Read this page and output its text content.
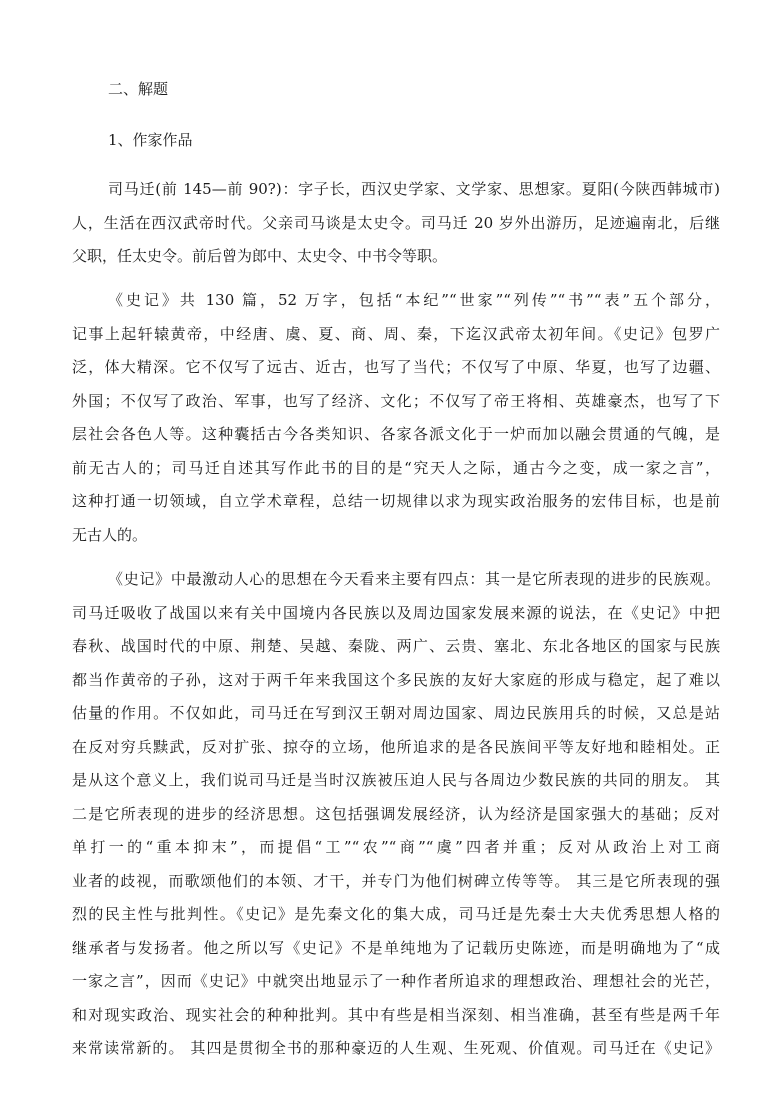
二、解题
1、作家作品
司马迁(前 145—前 90?)：字子长，西汉史学家、文学家、思想家。夏阳(今陕西韩城市)
人，生活在西汉武帝时代。父亲司马谈是太史令。司马迁 20 岁外出游历，足迹遍南北，后继
父职，任太史令。前后曾为郎中、太史令、中书令等职。
《史记》共 130 篇，52 万字，包括“本纪”“世家”“列传”“书”“表”五个部分，
记事上起轩辕黄帝，中经唐、虞、夏、商、周、秦，下迄汉武帝太初年间。《史记》包罗广
泛，体大精深。它不仅写了远古、近古，也写了当代；不仅写了中原、华夏，也写了边疆、
外国；不仅写了政治、军事，也写了经济、文化；不仅写了帝王将相、英雄豪杰，也写了下
层社会各色人等。这种囊括古今各类知识、各家各派文化于一炉而加以融会贯通的气魄，是
前无古人的；司马迁自述其写作此书的目的是“究天人之际，通古今之变，成一家之言”，
这种打通一切领域，自立学术章程，总结一切规律以求为现实政治服务的宏伟目标，也是前
无古人的。
《史记》中最激动人心的思想在今天看来主要有四点：其一是它所表现的进步的民族观。
司马迁吸收了战国以来有关中国境内各民族以及周边国家发展来源的说法，在《史记》中把
春秋、战国时代的中原、荆楚、吴越、秦陇、两广、云贵、塞北、东北各地区的国家与民族
都当作黄帝的子孙，这对于两千年来我国这个多民族的友好大家庭的形成与稳定，起了难以
估量的作用。不仅如此，司马迁在写到汉王朝对周边国家、周边民族用兵的时候，又总是站
在反对穷兵黩武，反对扩张、掠夺的立场，他所追求的是各民族间平等友好地和睦相处。正
是从这个意义上，我们说司马迁是当时汉族被压迫人民与各周边少数民族的共同的朋友。 其
二是它所表现的进步的经济思想。这包括强调发展经济，认为经济是国家强大的基础；反对
单打一的“重本抑末”，而提倡“工”“农”“商”“虞”四者并重；反对从政治上对工商
业者的歧视，而歌颂他们的本领、才干，并专门为他们树碑立传等等。 其三是它所表现的强
烈的民主性与批判性。《史记》是先秦文化的集大成，司马迁是先秦士大夫优秀思想人格的
继承者与发扬者。他之所以写《史记》不是单纯地为了记载历史陈迹，而是明确地为了“成
一家之言”，因而《史记》中就突出地显示了一种作者所追求的理想政治、理想社会的光芒，
和对现实政治、现实社会的种种批判。其中有些是相当深刻、相当准确，甚至有些是两千年
来常读常新的。 其四是贯彻全书的那种豪迈的人生观、生死观、价值观。司马迁在《史记》
